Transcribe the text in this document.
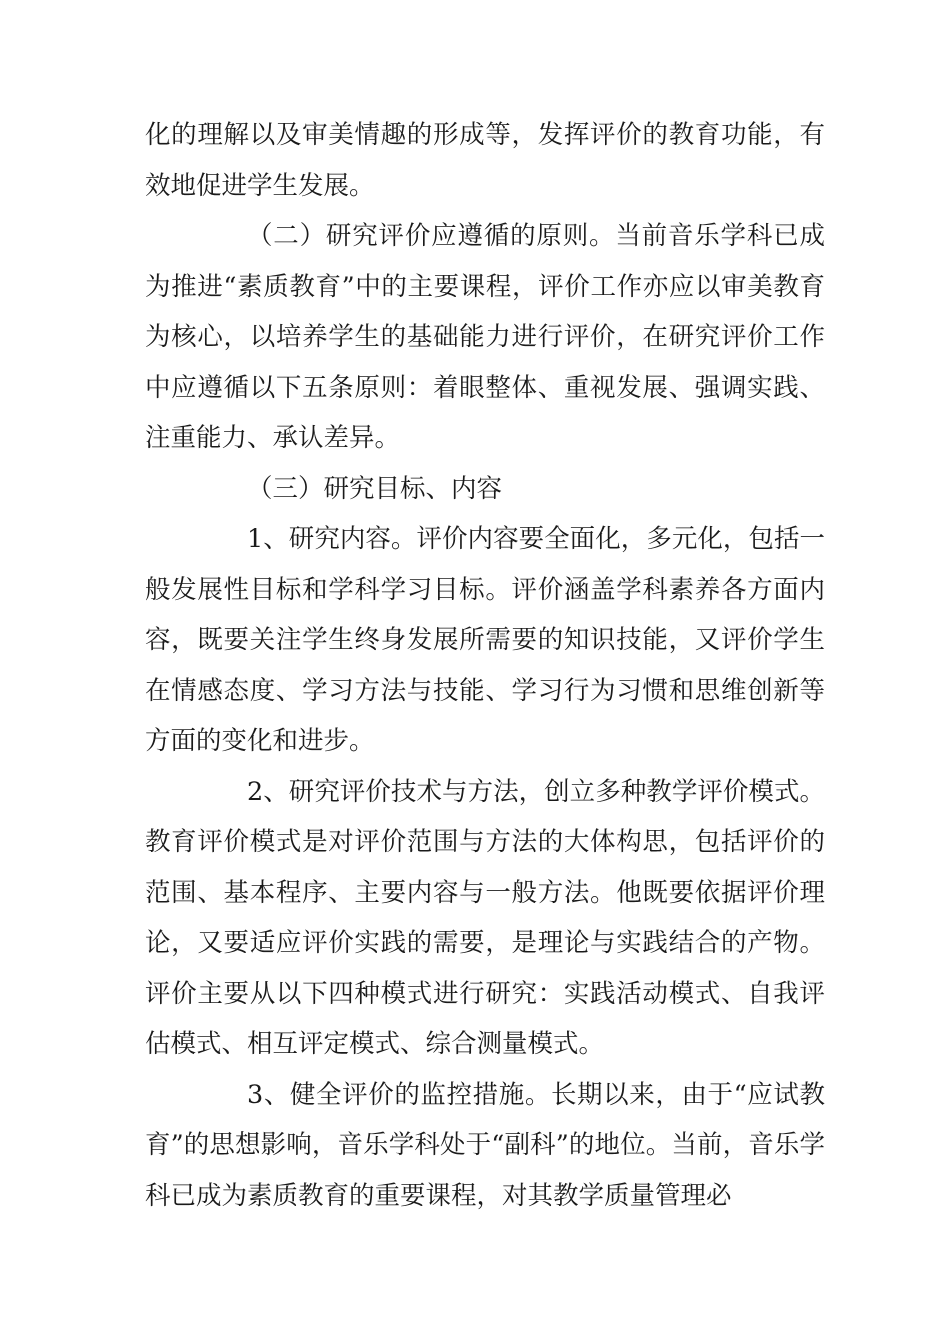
化的理解以及审美情趣的形成等，发挥评价的教育功能，有效地促进学生发展。

（二）研究评价应遵循的原则。当前音乐学科已成为推进“素质教育”中的主要课程，评价工作亦应以审美教育为核心，以培养学生的基础能力进行评价，在研究评价工作中应遵循以下五条原则：着眼整体、重视发展、强调实践、注重能力、承认差异。

（三）研究目标、内容

1、研究内容。评价内容要全面化，多元化，包括一般发展性目标和学科学习目标。评价涵盖学科素养各方面内容，既要关注学生终身发展所需要的知识技能，又评价学生在情感态度、学习方法与技能、学习行为习惯和思维创新等方面的变化和进步。

2、研究评价技术与方法，创立多种教学评价模式。教育评价模式是对评价范围与方法的大体构思，包括评价的范围、基本程序、主要内容与一般方法。他既要依据评价理论，又要适应评价实践的需要，是理论与实践结合的产物。评价主要从以下四种模式进行研究：实践活动模式、自我评估模式、相互评定模式、综合测量模式。

3、健全评价的监控措施。长期以来，由于“应试教育”的思想影响，音乐学科处于“副科”的地位。当前，音乐学科已成为素质教育的重要课程，对其教学质量管理必
